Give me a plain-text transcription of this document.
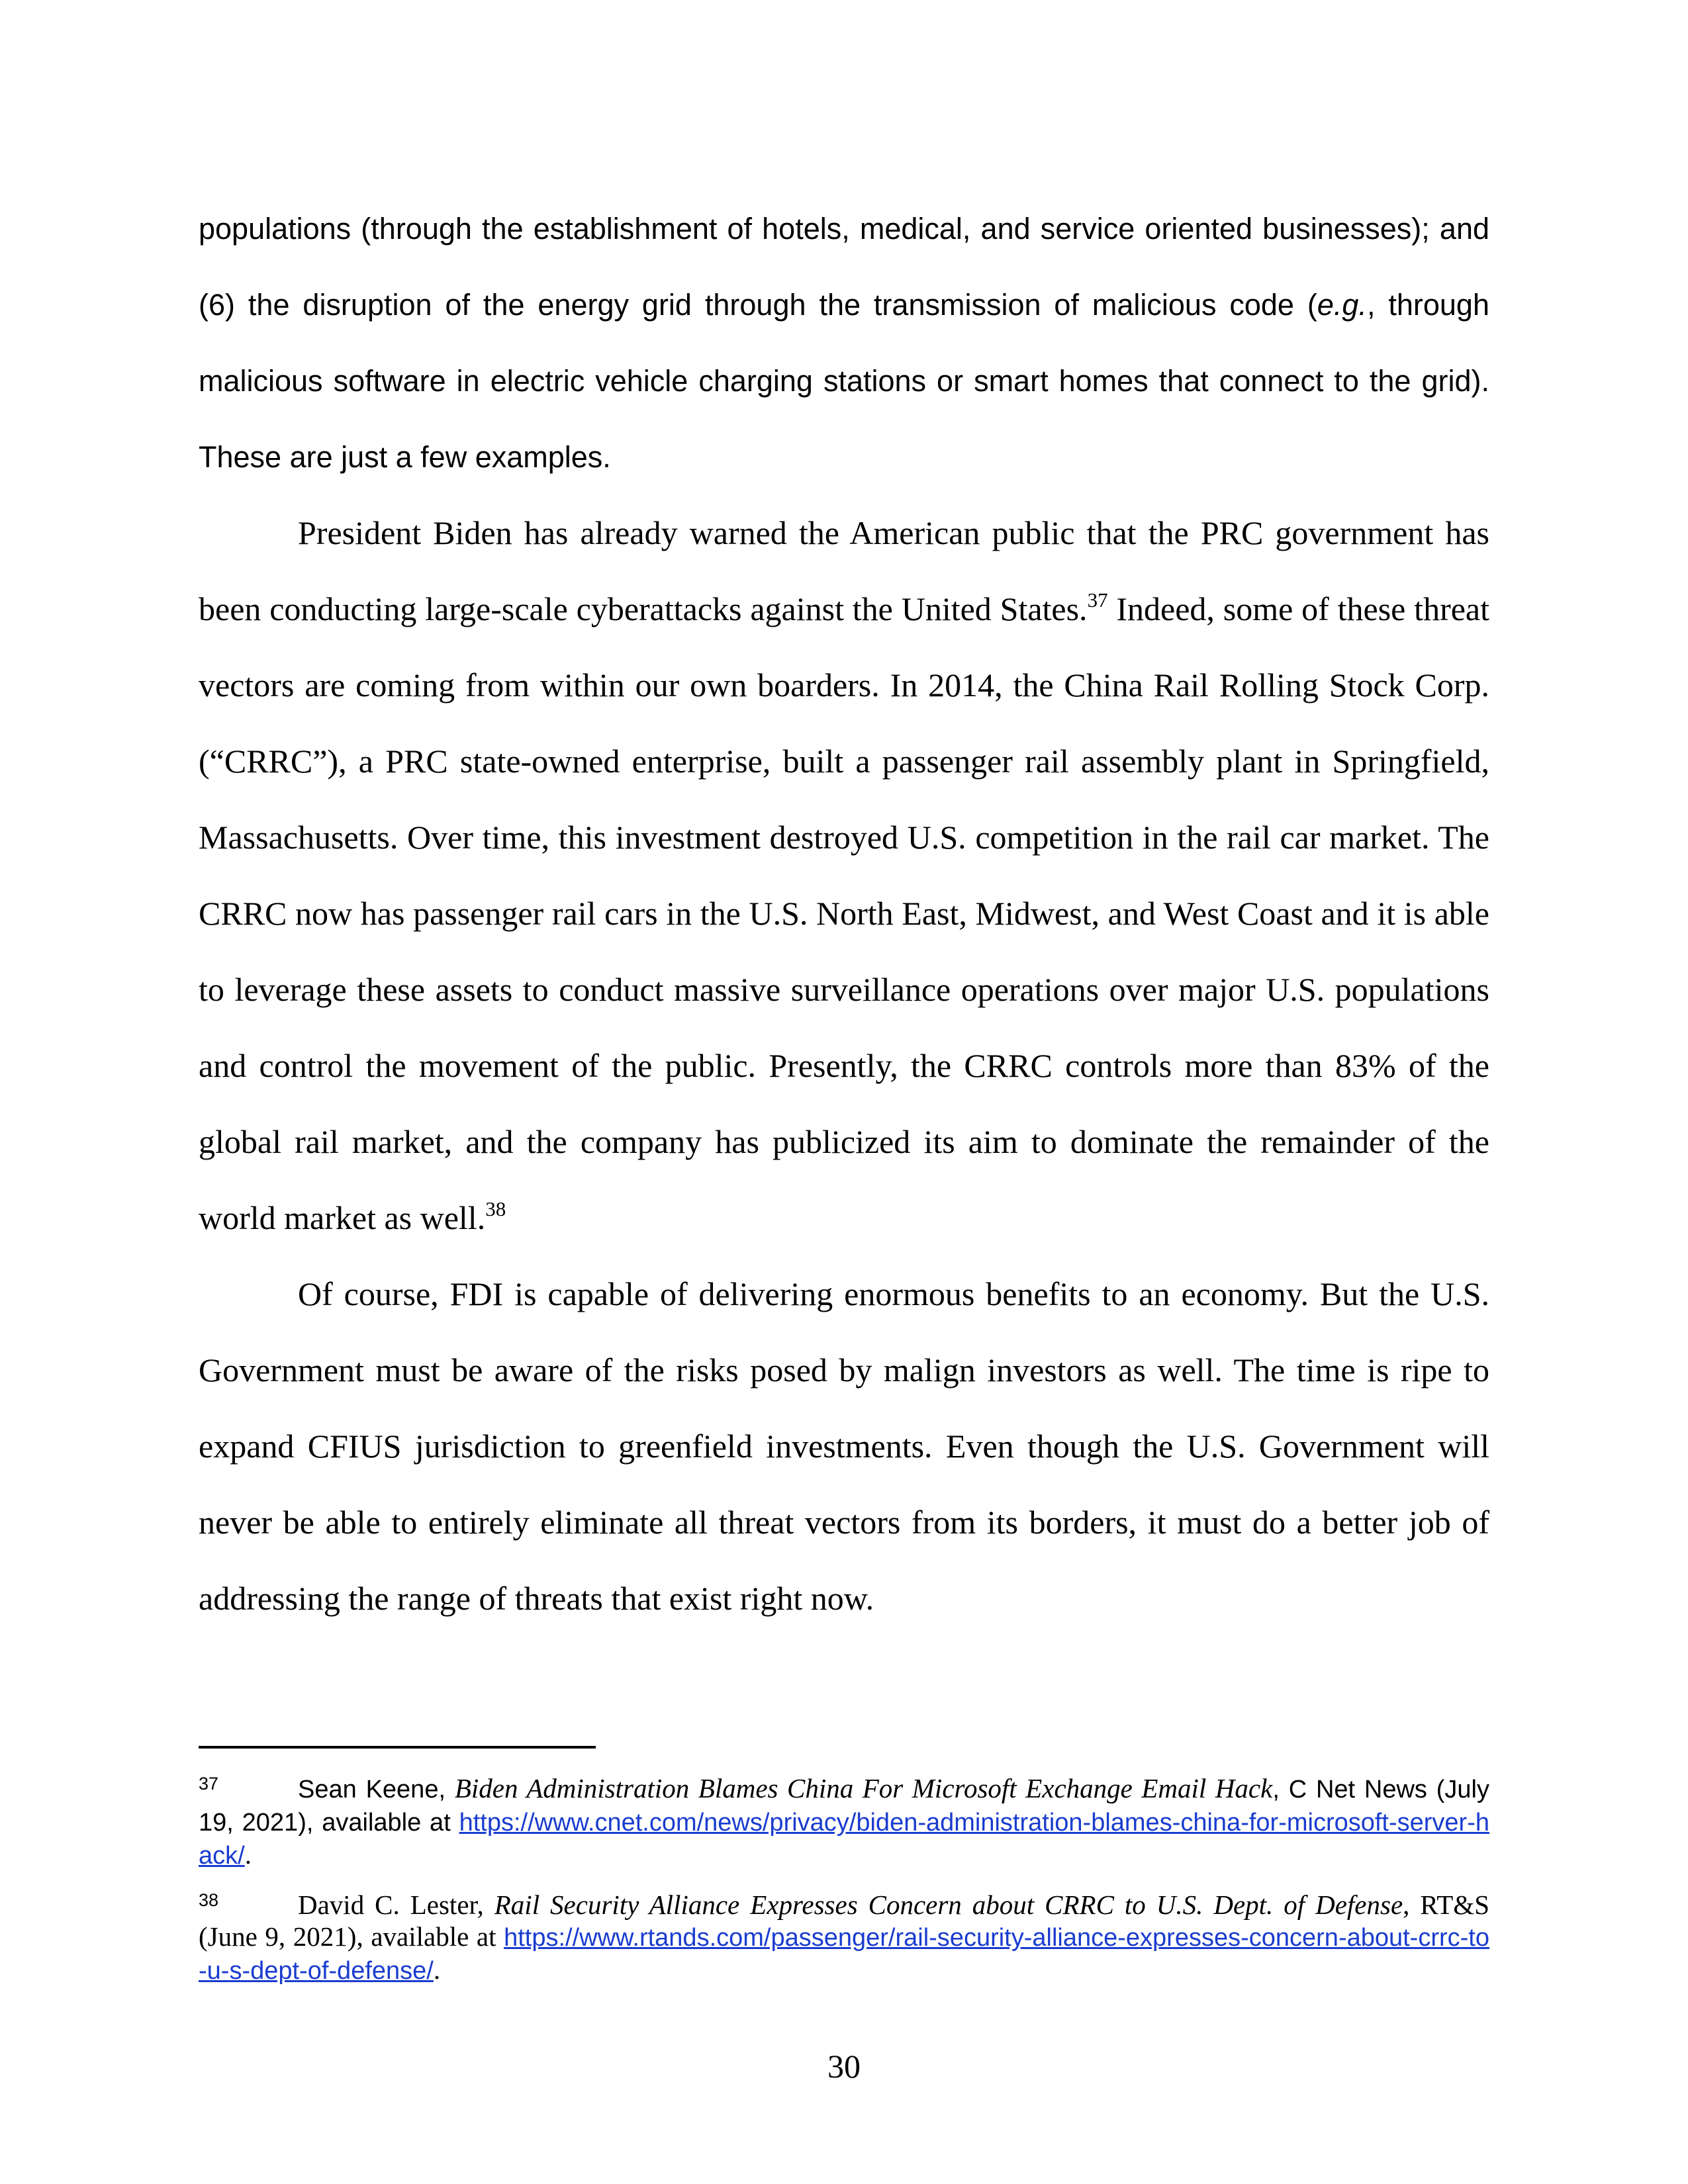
populations (through the establishment of hotels, medical, and service oriented businesses); and (6) the disruption of the energy grid through the transmission of malicious code (e.g., through malicious software in electric vehicle charging stations or smart homes that connect to the grid). These are just a few examples.

President Biden has already warned the American public that the PRC government has been conducting large-scale cyberattacks against the United States.$^{37}$ Indeed, some of these threat vectors are coming from within our own boarders. In 2014, the China Rail Rolling Stock Corp. (“CRRC”), a PRC state-owned enterprise, built a passenger rail assembly plant in Springfield, Massachusetts. Over time, this investment destroyed U.S. competition in the rail car market. The CRRC now has passenger rail cars in the U.S. North East, Midwest, and West Coast and it is able to leverage these assets to conduct massive surveillance operations over major U.S. populations and control the movement of the public. Presently, the CRRC controls more than 83% of the global rail market, and the company has publicized its aim to dominate the remainder of the world market as well.$^{38}$

Of course, FDI is capable of delivering enormous benefits to an economy. But the U.S. Government must be aware of the risks posed by malign investors as well. The time is ripe to expand CFIUS jurisdiction to greenfield investments. Even though the U.S. Government will never be able to entirely eliminate all threat vectors from its borders, it must do a better job of addressing the range of threats that exist right now.

37	Sean Keene, Biden Administration Blames China For Microsoft Exchange Email Hack, C Net News (July 19, 2021), available at https://www.cnet.com/news/privacy/biden-administration-blames-china-for-microsoft-server-hack/.

38	David C. Lester, Rail Security Alliance Expresses Concern about CRRC to U.S. Dept. of Defense, RT&S (June 9, 2021), available at https://www.rtands.com/passenger/rail-security-alliance-expresses-concern-about-crrc-to-u-s-dept-of-defense/.

30
